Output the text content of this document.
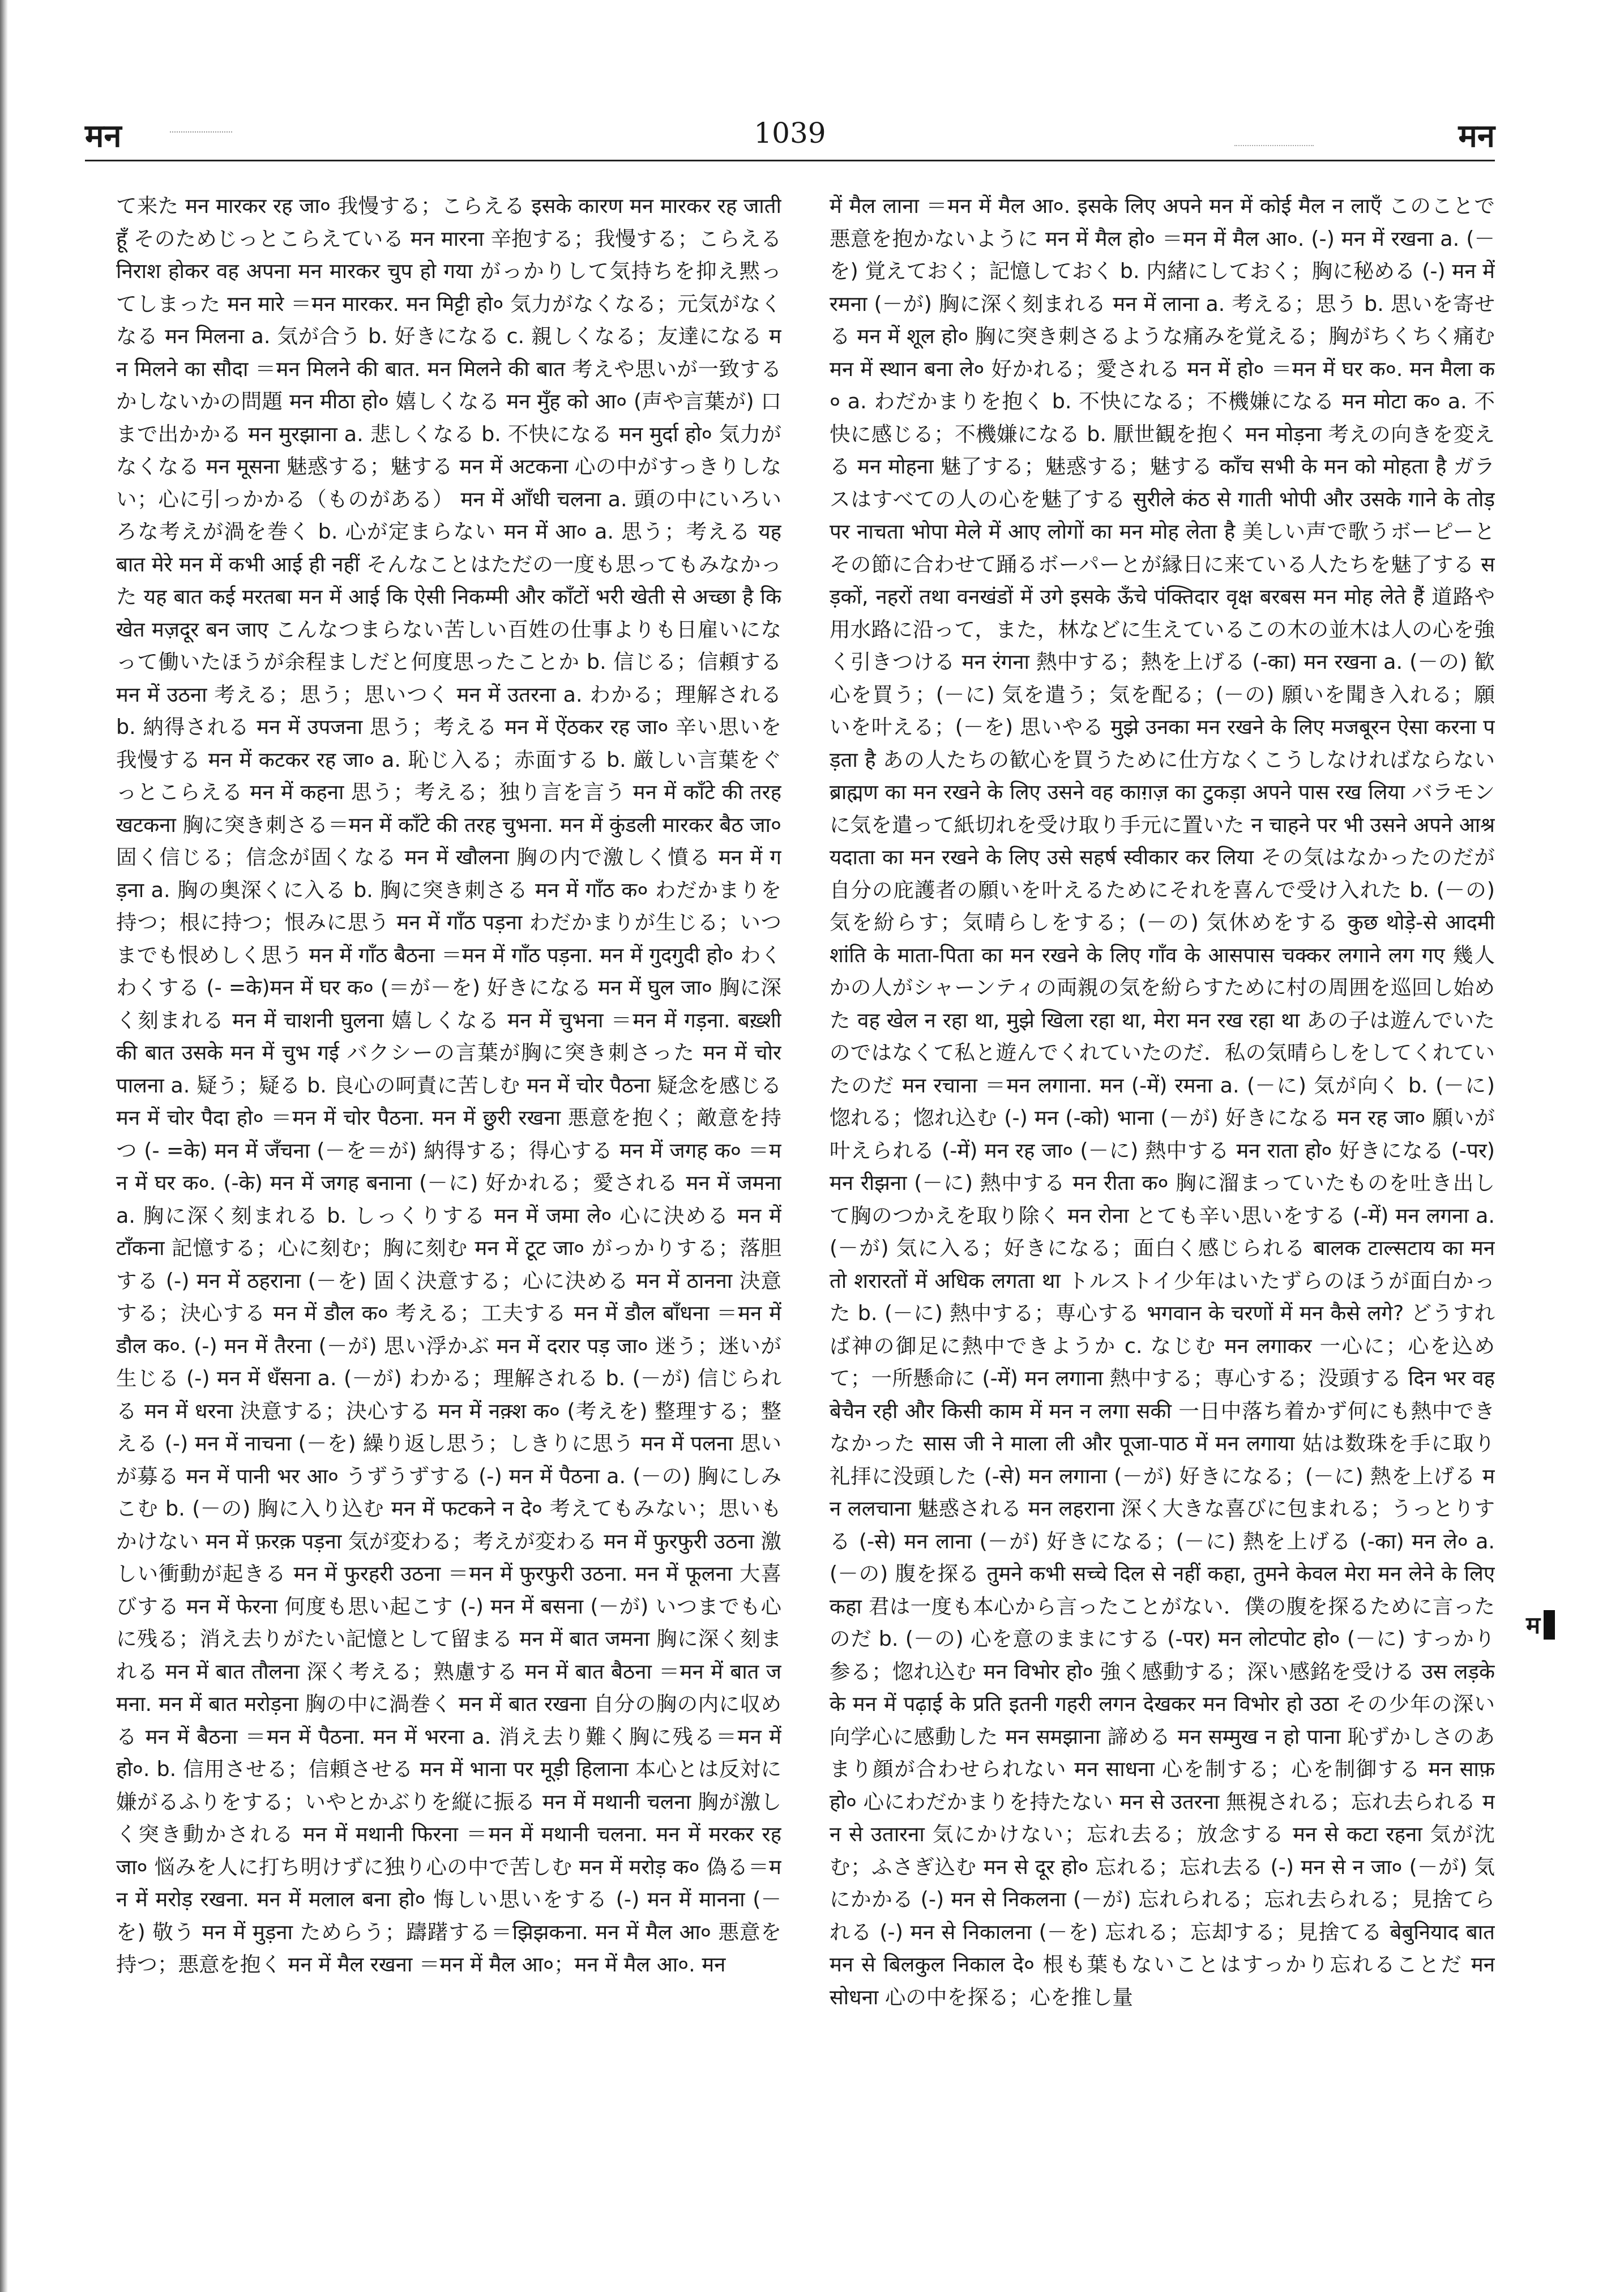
मन	1039	मन
て来た मन मारकर रह जा० 我慢する；こらえる इसके कारण मन मारकर रह जाती हूँ そのためじっとこらえている मन मारना 辛抱する；我慢する；こらえる निराश होकर वह अपना मन मारकर चुप हो गया がっかりして気持ちを抑え黙ってしまった मन मारे ＝मन मारकर. मन मिट्टी हो० 気力がなくなる；元気がなくなる मन मिलना a. 気が合う b. 好きになる c. 親しくなる；友達になる मन मिलने का सौदा ＝मन मिलने की बात. मन मिलने की बात 考えや思いが一致するかしないかの問題 मन मीठा हो० 嬉しくなる मन मुँह को आ० (声や言葉が) 口まで出かかる मन मुरझाना a. 悲しくなる b. 不快になる मन मुर्दा हो० 気力がなくなる मन मूसना 魅惑する；魅する मन में अटकना 心の中がすっきりしない；心に引っかかる（ものがある） मन में आँधी चलना a. 頭の中にいろいろな考えが渦を巻く b. 心が定まらない मन में आ० a. 思う；考える यह बात मेरे मन में कभी आई ही नहीं そんなことはただの一度も思ってもみなかった यह बात कई मरतबा मन में आई कि ऐसी निकम्मी और काँटों भरी खेती से अच्छा है कि खेत मज़दूर बन जाए こんなつまらない苦しい百姓の仕事よりも日雇いになって働いたほうが余程ましだと何度思ったことか b. 信じる；信頼する मन में उठना 考える；思う；思いつく मन में उतरना a. わかる；理解される b. 納得される मन में उपजना 思う；考える मन में ऐंठकर रह जा० 辛い思いを我慢する मन में कटकर रह जा० a. 恥じ入る；赤面する b. 厳しい言葉をぐっとこらえる मन में कहना 思う；考える；独り言を言う मन में काँटे की तरह खटकना 胸に突き刺さる＝मन में काँटे की तरह चुभना. मन में कुंडली मारकर बैठ जा० 固く信じる；信念が固くなる मन में खौलना 胸の内で激しく憤る मन में गड़ना a. 胸の奥深くに入る b. 胸に突き刺さる मन में गाँठ क० わだかまりを持つ；根に持つ；恨みに思う मन में गाँठ पड़ना わだかまりが生じる；いつまでも恨めしく思う मन में गाँठ बैठना ＝मन में गाँठ पड़ना. मन में गुदगुदी हो० わくわくする (- =के)मन में घर क० (＝が－を) 好きになる मन में घुल जा० 胸に深く刻まれる मन में चाशनी घुलना 嬉しくなる मन में चुभना ＝मन में गड़ना. बख़्शी की बात उसके मन में चुभ गई バクシーの言葉が胸に突き刺さった मन में चोर पालना a. 疑う；疑る b. 良心の呵責に苦しむ मन में चोर पैठना 疑念を感じる मन में चोर पैदा हो० ＝मन में चोर पैठना. मन में छुरी रखना 悪意を抱く；敵意を持つ (- =के) मन में जँचना (－を＝が) 納得する；得心する मन में जगह क० ＝मन में घर क०. (-के) मन में जगह बनाना (－に) 好かれる；愛される मन में जमना a. 胸に深く刻まれる b. しっくりする मन में जमा ले० 心に決める मन में टाँकना 記憶する；心に刻む；胸に刻む मन में टूट जा० がっかりする；落胆する (-) मन में ठहराना (－を) 固く決意する；心に決める मन में ठानना 決意する；決心する मन में डौल क० 考える；工夫する मन में डौल बाँधना ＝मन में डौल क०. (-) मन में तैरना (－が) 思い浮かぶ मन में दरार पड़ जा० 迷う；迷いが生じる (-) मन में धँसना a. (－が) わかる；理解される b. (－が) 信じられる मन में धरना 決意する；決心する मन में नक़्श क० (考えを) 整理する；整える (-) मन में नाचना (－を) 繰り返し思う；しきりに思う मन में पलना 思いが募る मन में पानी भर आ० うずうずする (-) मन में पैठना a. (－の) 胸にしみこむ b. (－の) 胸に入り込む मन में फटकने न दे० 考えてもみない；思いもかけない मन में फ़रक़ पड़ना 気が変わる；考えが変わる मन में फुरफुरी उठना 激しい衝動が起きる मन में फुरहरी उठना ＝मन में फुरफुरी उठना. मन में फूलना 大喜びする मन में फेरना 何度も思い起こす (-) मन में बसना (－が) いつまでも心に残る；消え去りがたい記憶として留まる मन में बात जमना 胸に深く刻まれる मन में बात तौलना 深く考える；熟慮する मन में बात बैठना ＝मन में बात जमना. मन में बात मरोड़ना 胸の中に渦巻く मन में बात रखना 自分の胸の内に収める मन में बैठना ＝मन में पैठना. मन में भरना a. 消え去り難く胸に残る＝मन में हो०. b. 信用させる；信頼させる मन में भाना पर मूड़ी हिलाना 本心とは反対に嫌がるふりをする；いやとかぶりを縦に振る मन में मथानी चलना 胸が激しく突き動かされる मन में मथानी फिरना ＝मन में मथानी चलना. मन में मरकर रह जा० 悩みを人に打ち明けずに独り心の中で苦しむ मन में मरोड़ क० 偽る＝मन में मरोड़ रखना. मन में मलाल बना हो० 悔しい思いをする (-) मन में मानना (－を) 敬う मन में मुड़ना ためらう；躊躇する＝झिझकना. मन में मैल आ० 悪意を持つ；悪意を抱く मन में मैल रखना ＝मन में मैल आ०；मन में मैल आ०. मन
में मैल लाना ＝मन में मैल आ०. इसके लिए अपने मन में कोई मैल न लाएँ このことで悪意を抱かないように मन में मैल हो० ＝मन में मैल आ०. (-) मन में रखना a. (－を) 覚えておく；記憶しておく b. 内緒にしておく；胸に秘める (-) मन में रमना (－が) 胸に深く刻まれる मन में लाना a. 考える；思う b. 思いを寄せる मन में शूल हो० 胸に突き刺さるような痛みを覚える；胸がちくちく痛む मन में स्थान बना ले० 好かれる；愛される मन में हो० ＝मन में घर क०. मन मैला क० a. わだかまりを抱く b. 不快になる；不機嫌になる मन मोटा क० a. 不快に感じる；不機嫌になる b. 厭世観を抱く मन मोड़ना 考えの向きを変える मन मोहना 魅了する；魅惑する；魅する काँच सभी के मन को मोहता है ガラスはすべての人の心を魅了する सुरीले कंठ से गाती भोपी और उसके गाने के तोड़ पर नाचता भोपा मेले में आए लोगों का मन मोह लेता है 美しい声で歌うボーピーとその節に合わせて踊るボーパーとが縁日に来ている人たちを魅了する सड़कों, नहरों तथा वनखंडों में उगे इसके ऊँचे पंक्तिदार वृक्ष बरबस मन मोह लेते हैं 道路や用水路に沿って，また，林などに生えているこの木の並木は人の心を強く引きつける मन रंगना 熱中する；熱を上げる (-का) मन रखना a. (－の) 歓心を買う；(－に) 気を遣う；気を配る；(－の) 願いを聞き入れる；願いを叶える；(－を) 思いやる मुझे उनका मन रखने के लिए मजबूरन ऐसा करना पड़ता है あの人たちの歓心を買うために仕方なくこうしなければならない ब्राह्मण का मन रखने के लिए उसने वह काग़ज़ का टुकड़ा अपने पास रख लिया バラモンに気を遣って紙切れを受け取り手元に置いた न चाहने पर भी उसने अपने आश्रयदाता का मन रखने के लिए उसे सहर्ष स्वीकार कर लिया その気はなかったのだが自分の庇護者の願いを叶えるためにそれを喜んで受け入れた b. (－の) 気を紛らす；気晴らしをする；(－の) 気休めをする कुछ थोड़े-से आदमी शांति के माता-पिता का मन रखने के लिए गाँव के आसपास चक्कर लगाने लग गए 幾人かの人がシャーンティの両親の気を紛らすために村の周囲を巡回し始めた वह खेल न रहा था, मुझे खिला रहा था, मेरा मन रख रहा था あの子は遊んでいたのではなくて私と遊んでくれていたのだ．私の気晴らしをしてくれていたのだ मन रचाना ＝मन लगाना. मन (-में) रमना a. (－に) 気が向く b. (－に) 惚れる；惚れ込む (-) मन (-को) भाना (－が) 好きになる मन रह जा० 願いが叶えられる (-में) मन रह जा० (－に) 熱中する मन राता हो० 好きになる (-पर) मन रीझना (－に) 熱中する मन रीता क० 胸に溜まっていたものを吐き出して胸のつかえを取り除く मन रोना とても辛い思いをする (-में) मन लगना a. (－が) 気に入る；好きになる；面白く感じられる बालक टाल्सटाय का मन तो शरारतों में अधिक लगता था トルストイ少年はいたずらのほうが面白かった b. (－に) 熱中する；専心する भगवान के चरणों में मन कैसे लगे? どうすれば神の御足に熱中できようか c. なじむ मन लगाकर 一心に；心を込めて；一所懸命に (-में) मन लगाना 熱中する；専心する；没頭する दिन भर वह बेचैन रही और किसी काम में मन न लगा सकी 一日中落ち着かず何にも熱中できなかった सास जी ने माला ली और पूजा-पाठ में मन लगाया 姑は数珠を手に取り礼拝に没頭した (-से) मन लगाना (－が) 好きになる；(－に) 熱を上げる मन ललचाना 魅惑される मन लहराना 深く大きな喜びに包まれる；うっとりする (-से) मन लाना (－が) 好きになる；(－に) 熱を上げる (-का) मन ले० a. (－の) 腹を探る तुमने कभी सच्चे दिल से नहीं कहा, तुमने केवल मेरा मन लेने के लिए कहा 君は一度も本心から言ったことがない．僕の腹を探るために言ったのだ b. (－の) 心を意のままにする (-पर) मन लोटपोट हो० (－に) すっかり参る；惚れ込む मन विभोर हो० 強く感動する；深い感銘を受ける उस लड़के के मन में पढ़ाई के प्रति इतनी गहरी लगन देखकर मन विभोर हो उठा その少年の深い向学心に感動した मन समझाना 諦める मन सम्मुख न हो पाना 恥ずかしさのあまり顔が合わせられない मन साधना 心を制する；心を制御する मन साफ़ हो० 心にわだかまりを持たない मन से उतरना 無視される；忘れ去られる मन से उतारना 気にかけない；忘れ去る；放念する मन से कटा रहना 気が沈む；ふさぎ込む मन से दूर हो० 忘れる；忘れ去る (-) मन से न जा० (－が) 気にかかる (-) मन से निकलना (－が) 忘れられる；忘れ去られる；見捨てられる (-) मन से निकालना (－を) 忘れる；忘却する；見捨てる बेबुनियाद बात मन से बिलकुल निकाल दे० 根も葉もないことはすっかり忘れることだ मन सोधना 心の中を探る；心を推し量
म
